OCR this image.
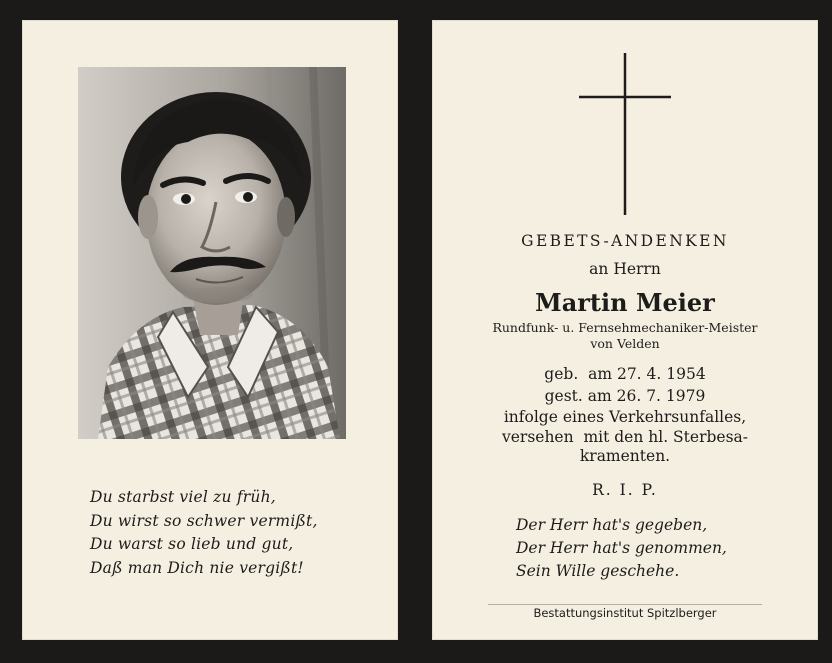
Du starbst viel zu früh,
Du wirst so schwer vermißt,
Du warst so lieb und gut,
Daß man Dich nie vergißt!
GEBETS-ANDENKEN
an Herrn
Martin Meier
Rundfunk- u. Fernsehmechaniker-Meister
von Velden
geb.  am 27. 4. 1954
gest. am 26. 7. 1979
infolge eines Verkehrsunfalles,
versehen  mit den hl. Sterbesa-
kramenten.
R. I. P.
Der Herr hat's gegeben,
Der Herr hat's genommen,
Sein Wille geschehe.
Bestattungsinstitut Spitzlberger
